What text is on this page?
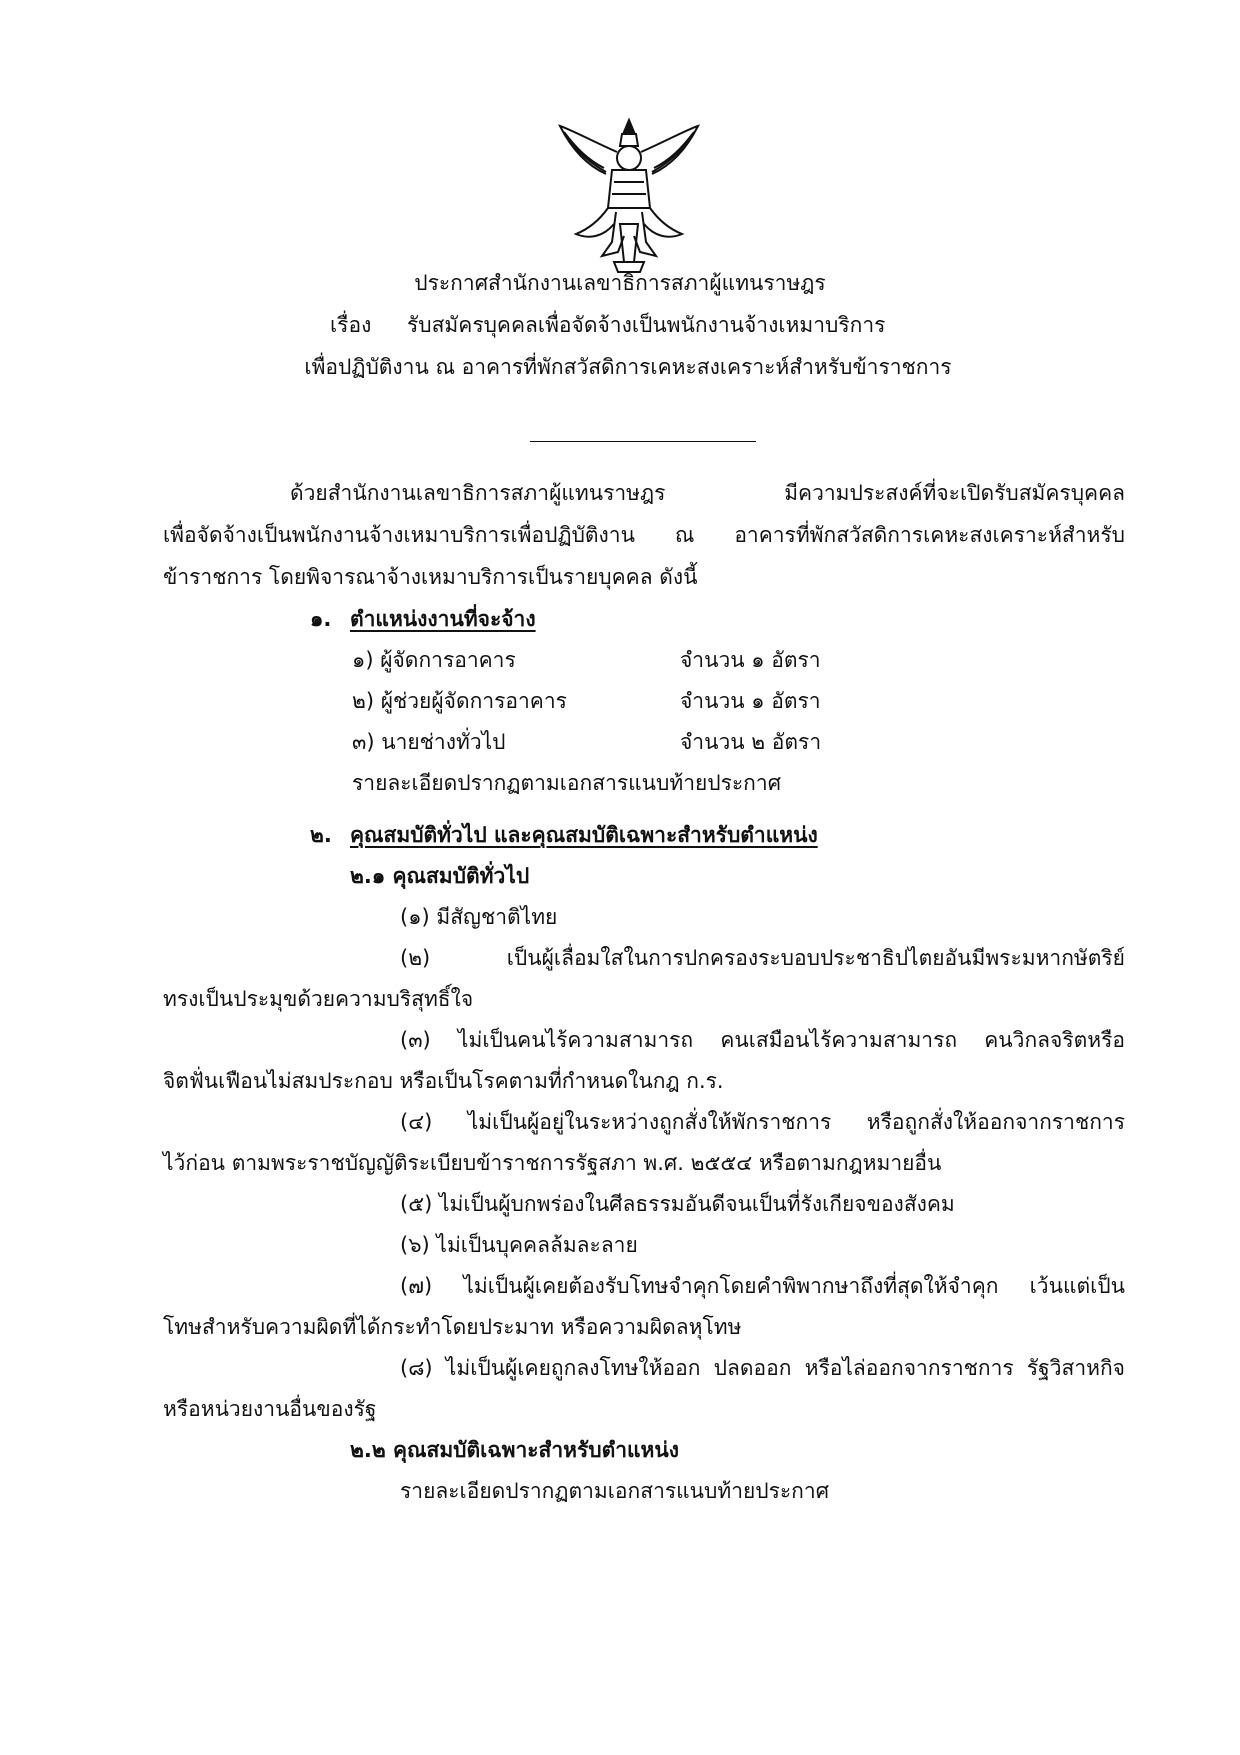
ประกาศสำนักงานเลขาธิการสภาผู้แทนราษฎร
เรื่อง รับสมัครบุคคลเพื่อจัดจ้างเป็นพนักงานจ้างเหมาบริการ
เพื่อปฏิบัติงาน ณ อาคารที่พักสวัสดิการเคหะสงเคราะห์สำหรับข้าราชการ
ด้วยสำนักงานเลขาธิการสภาผู้แทนราษฎร มีความประสงค์ที่จะเปิดรับสมัครบุคคล
เพื่อจัดจ้างเป็นพนักงานจ้างเหมาบริการเพื่อปฏิบัติงาน ณ อาคารที่พักสวัสดิการเคหะสงเคราะห์สำหรับ
ข้าราชการ โดยพิจารณาจ้างเหมาบริการเป็นรายบุคคล ดังนี้
๑. ตำแหน่งงานที่จะจ้าง
๑) ผู้จัดการอาคาร	จำนวน ๑ อัตรา
๒) ผู้ช่วยผู้จัดการอาคาร	จำนวน ๑ อัตรา
๓) นายช่างทั่วไป	จำนวน ๒ อัตรา
รายละเอียดปรากฏตามเอกสารแนบท้ายประกาศ
๒. คุณสมบัติทั่วไป และคุณสมบัติเฉพาะสำหรับตำแหน่ง
๒.๑ คุณสมบัติทั่วไป
(๑) มีสัญชาติไทย
(๒) เป็นผู้เลื่อมใสในการปกครองระบอบประชาธิปไตยอันมีพระมหากษัตริย์
ทรงเป็นประมุขด้วยความบริสุทธิ์ใจ
(๓) ไม่เป็นคนไร้ความสามารถ คนเสมือนไร้ความสามารถ คนวิกลจริตหรือ
จิตฟั่นเฟือนไม่สมประกอบ หรือเป็นโรคตามที่กำหนดในกฎ ก.ร.
(๔) ไม่เป็นผู้อยู่ในระหว่างถูกสั่งให้พักราชการ หรือถูกสั่งให้ออกจากราชการ
ไว้ก่อน ตามพระราชบัญญัติระเบียบข้าราชการรัฐสภา พ.ศ. ๒๕๕๔ หรือตามกฎหมายอื่น
(๕) ไม่เป็นผู้บกพร่องในศีลธรรมอันดีจนเป็นที่รังเกียจของสังคม
(๖) ไม่เป็นบุคคลล้มละลาย
(๗) ไม่เป็นผู้เคยต้องรับโทษจำคุกโดยคำพิพากษาถึงที่สุดให้จำคุก เว้นแต่เป็น
โทษสำหรับความผิดที่ได้กระทำโดยประมาท หรือความผิดลหุโทษ
(๘) ไม่เป็นผู้เคยถูกลงโทษให้ออก ปลดออก หรือไล่ออกจากราชการ รัฐวิสาหกิจ
หรือหน่วยงานอื่นของรัฐ
๒.๒ คุณสมบัติเฉพาะสำหรับตำแหน่ง
รายละเอียดปรากฏตามเอกสารแนบท้ายประกาศ
